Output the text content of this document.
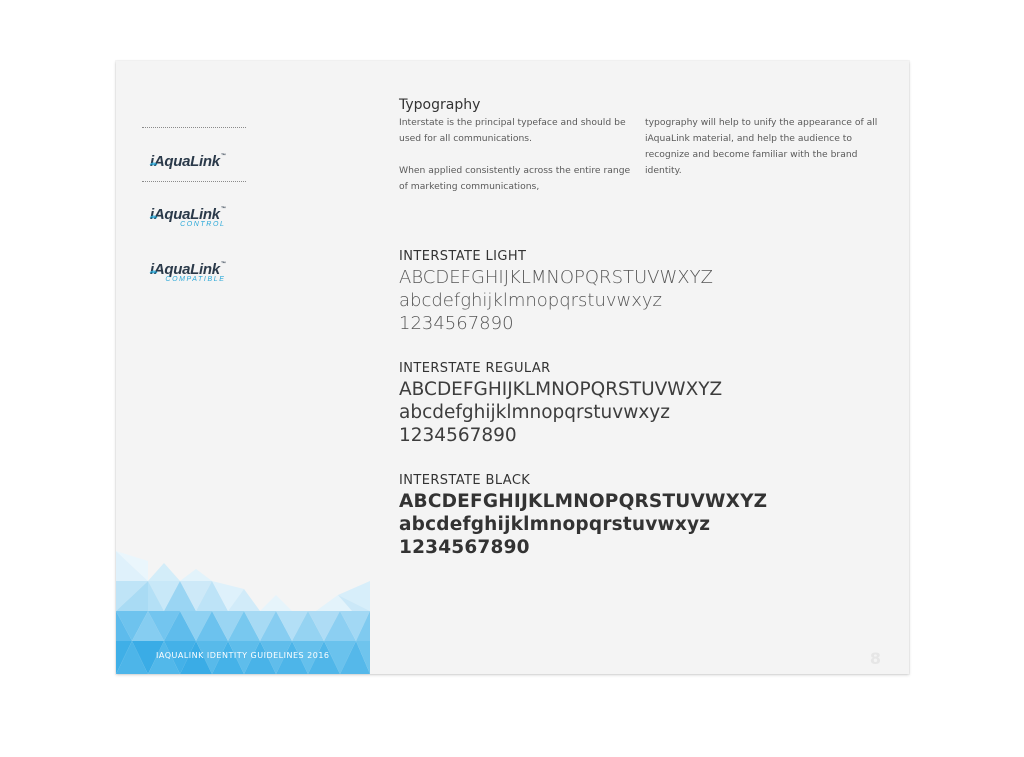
iAquaLink™
iAquaLink™
CONTROL
iAquaLink™
COMPATIBLE
IAQUALINK IDENTITY GUIDELINES 2016
Typography

Interstate is the principal typeface and should be used for all communications.

When applied consistently across the entire range of marketing communications,

typography will help to unify the appearance of all iAquaLink material, and help the audience to recognize and become familiar with the brand identity.

INTERSTATE LIGHT
ABCDEFGHIJKLMNOPQRSTUVWXYZ
abcdefghijklmnopqrstuvwxyz
1234567890
INTERSTATE REGULAR
ABCDEFGHIJKLMNOPQRSTUVWXYZ
abcdefghijklmnopqrstuvwxyz
1234567890
INTERSTATE BLACK
ABCDEFGHIJKLMNOPQRSTUVWXYZ
abcdefghijklmnopqrstuvwxyz
1234567890
8
